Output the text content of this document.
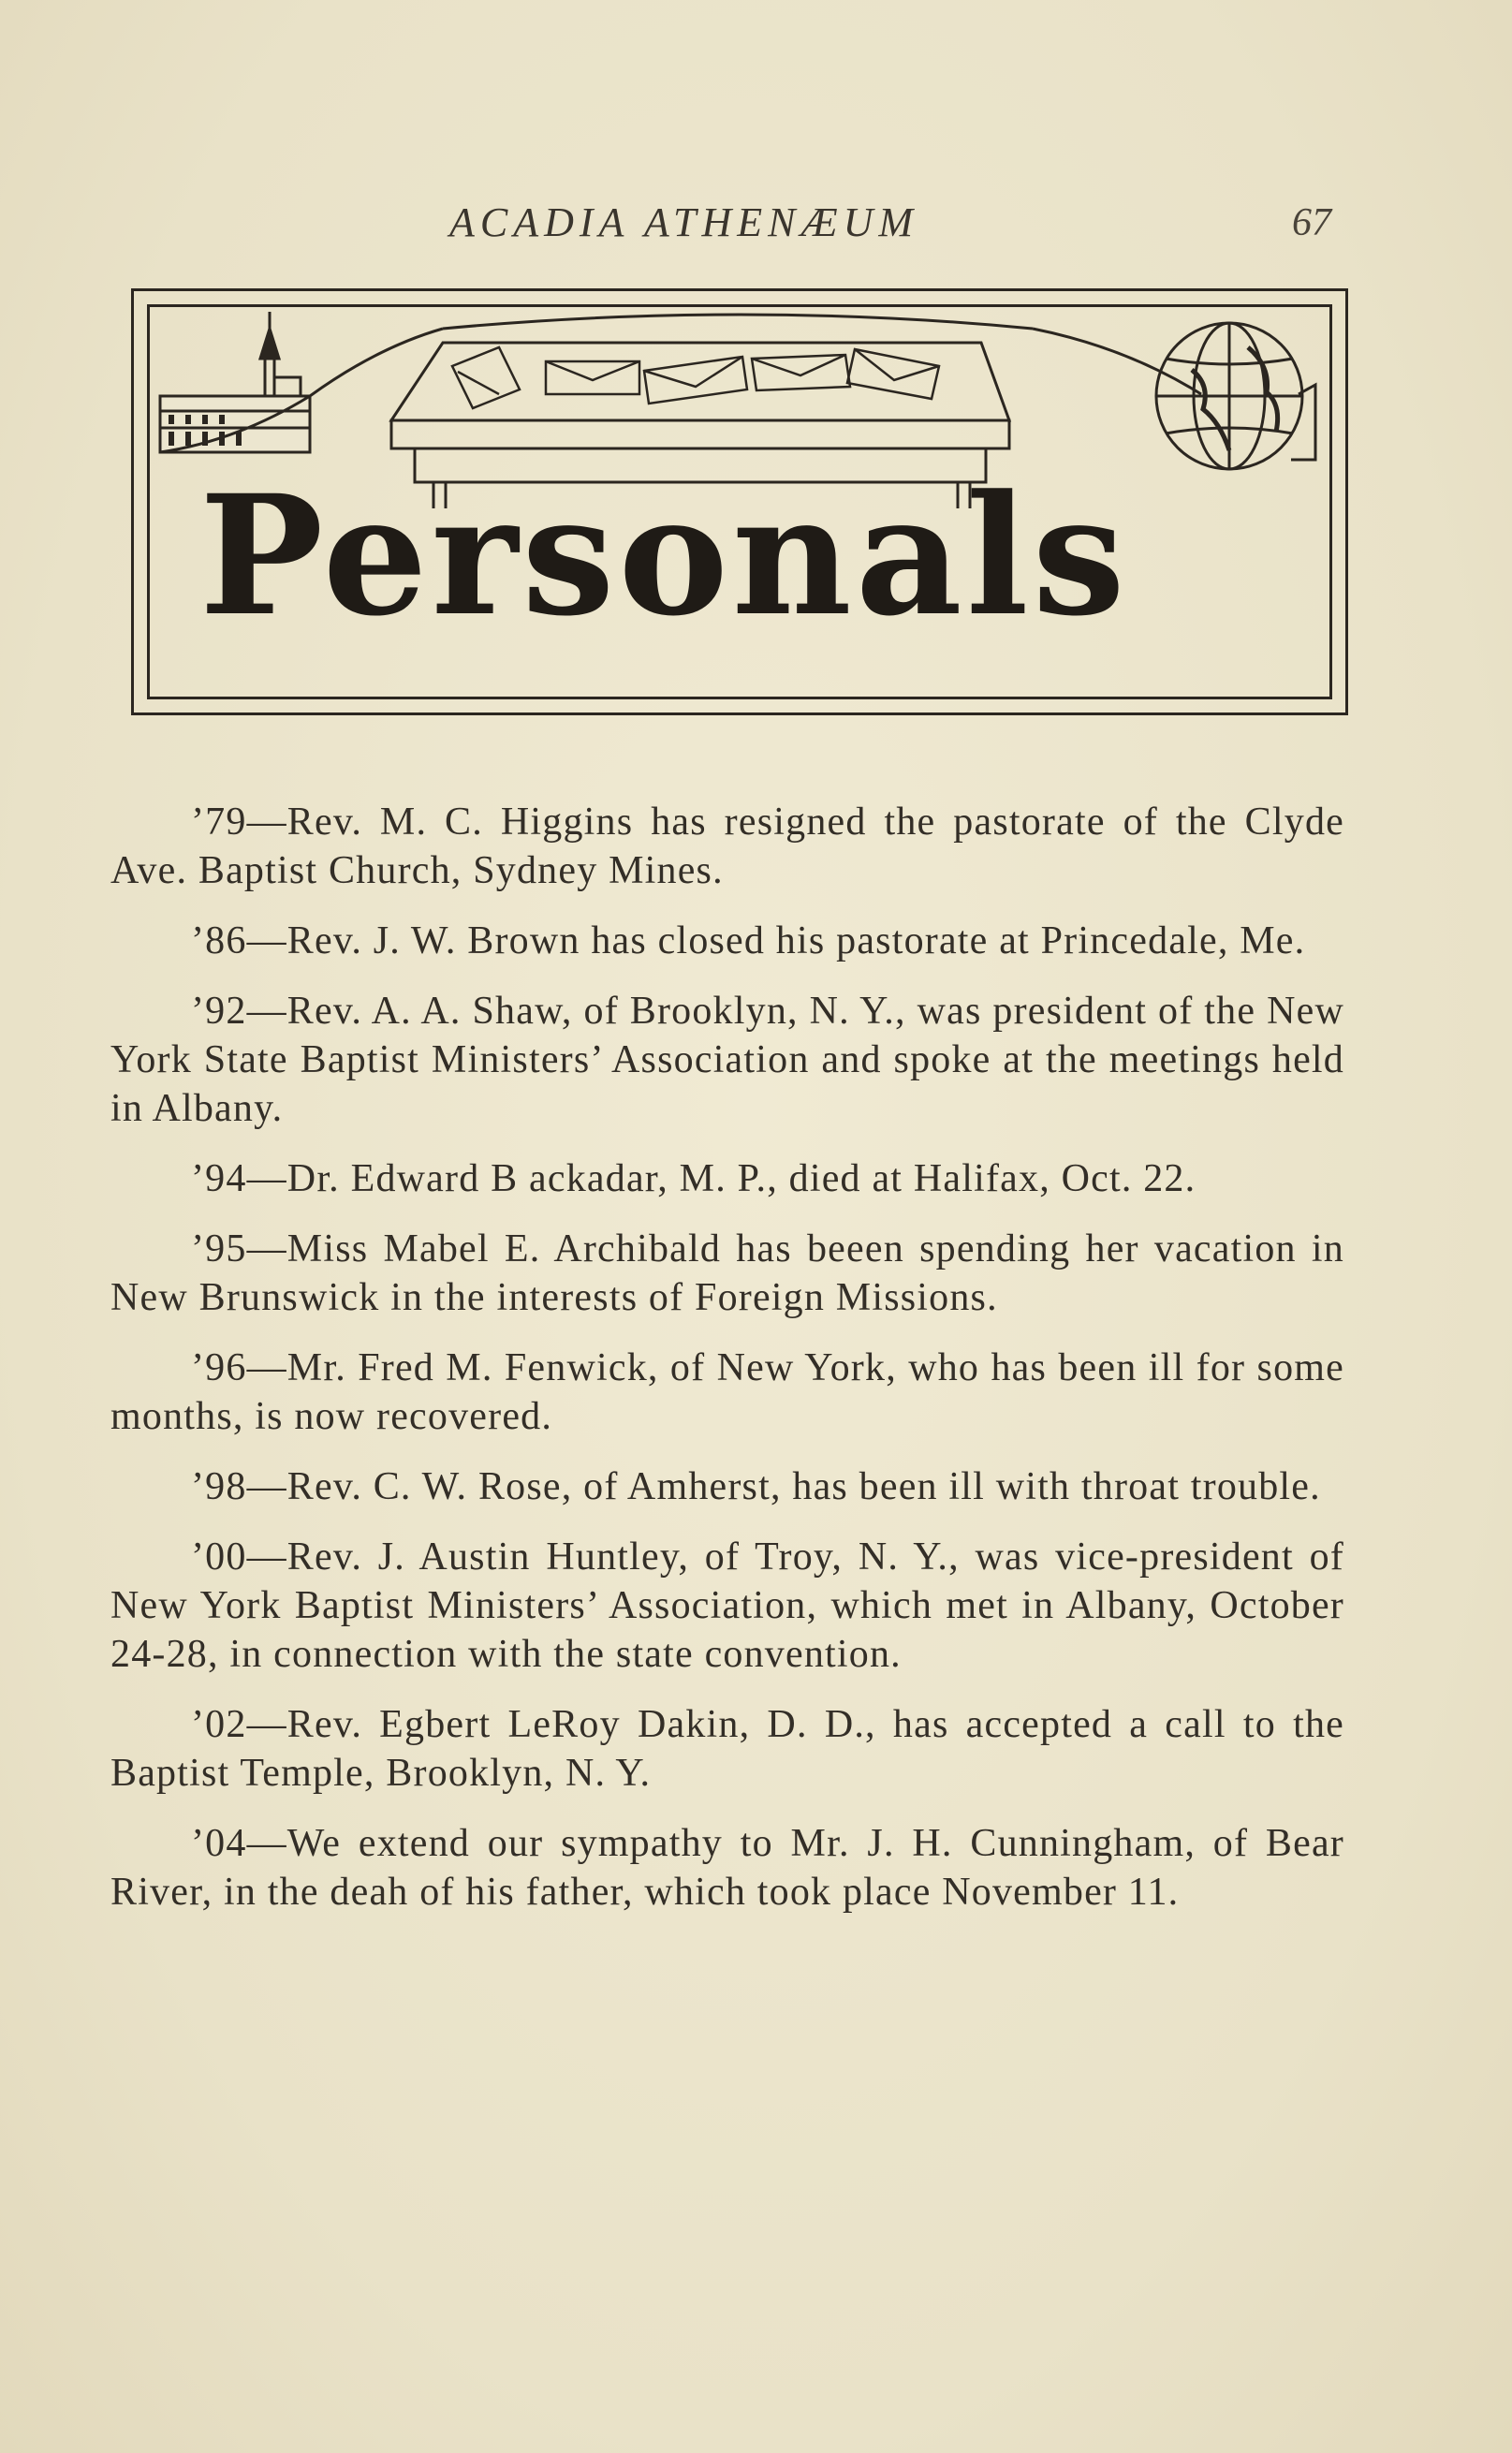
ACADIA ATHENÆUM	67
Personals

’79—Rev. M. C. Higgins has resigned the pastorate of the Clyde Ave. Baptist Church, Sydney Mines.

’86—Rev. J. W. Brown has closed his pastorate at Princedale, Me.

’92—Rev. A. A. Shaw, of Brooklyn, N. Y., was president of the New York State Baptist Ministers’ Association and spoke at the meetings held in Albany.

’94—Dr. Edward B ackadar, M. P., died at Halifax, Oct. 22.

’95—Miss Mabel E. Archibald has beeen spending her vacation in New Brunswick in the interests of Foreign Missions.

’96—Mr. Fred M. Fenwick, of New York, who has been ill for some months, is now recovered.

’98—Rev. C. W. Rose, of Amherst, has been ill with throat trouble.

’00—Rev. J. Austin Huntley, of Troy, N. Y., was vice-president of New York Baptist Ministers’ Association, which met in Albany, October 24-28, in connection with the state convention.

’02—Rev. Egbert LeRoy Dakin, D. D., has accepted a call to the Baptist Temple, Brooklyn, N. Y.

’04—We extend our sympathy to Mr. J. H. Cunningham, of Bear River, in the deah of his father, which took place November 11.
